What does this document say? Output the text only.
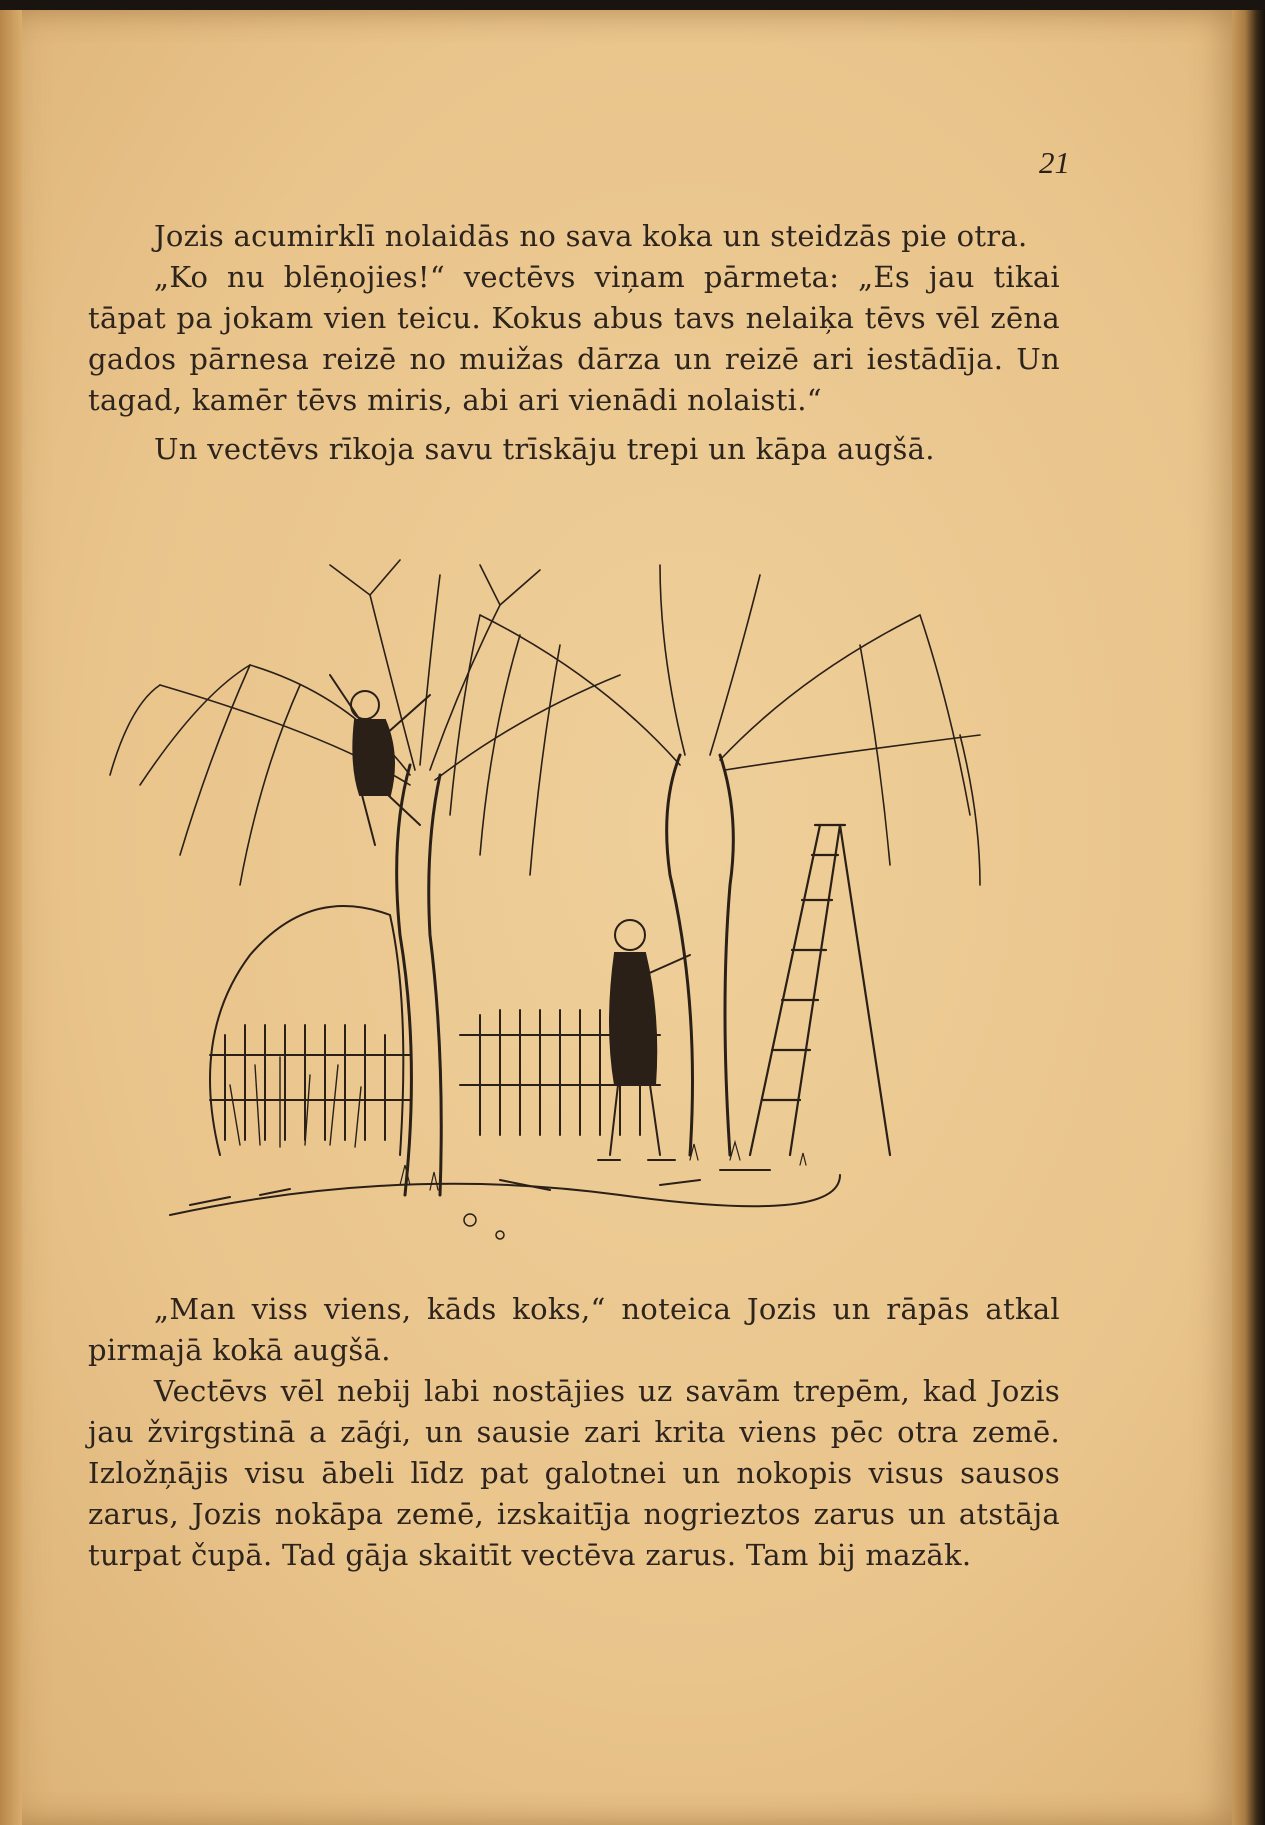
21

Jozis acumirklī nolaidās no sava koka un steidzās pie otra.

„Ko nu blēņojies!“ vectēvs viņam pārmeta: „Es jau tikai tāpat pa jokam vien teicu. Kokus abus tavs nelaiķa tēvs vēl zēna gados pārnesa reizē no muižas dārza un reizē ari iestādīja. Un tagad, kamēr tēvs miris, abi ari vienādi nolaisti.“

Un vectēvs rīkoja savu trīskāju trepi un kāpa augšā.

„Man viss viens, kāds koks,“ noteica Jozis un rāpās atkal pirmajā kokā augšā.

Vectēvs vēl nebij labi nostājies uz savām trepēm, kad Jozis jau žvirgstinā a zāģi, un sausie zari krita viens pēc otra zemē. Izložņājis visu ābeli līdz pat galotnei un nokopis visus sausos zarus, Jozis nokāpa zemē, izskaitīja nogrieztos zarus un atstāja turpat čupā. Tad gāja skaitīt vectēva zarus. Tam bij mazāk.
